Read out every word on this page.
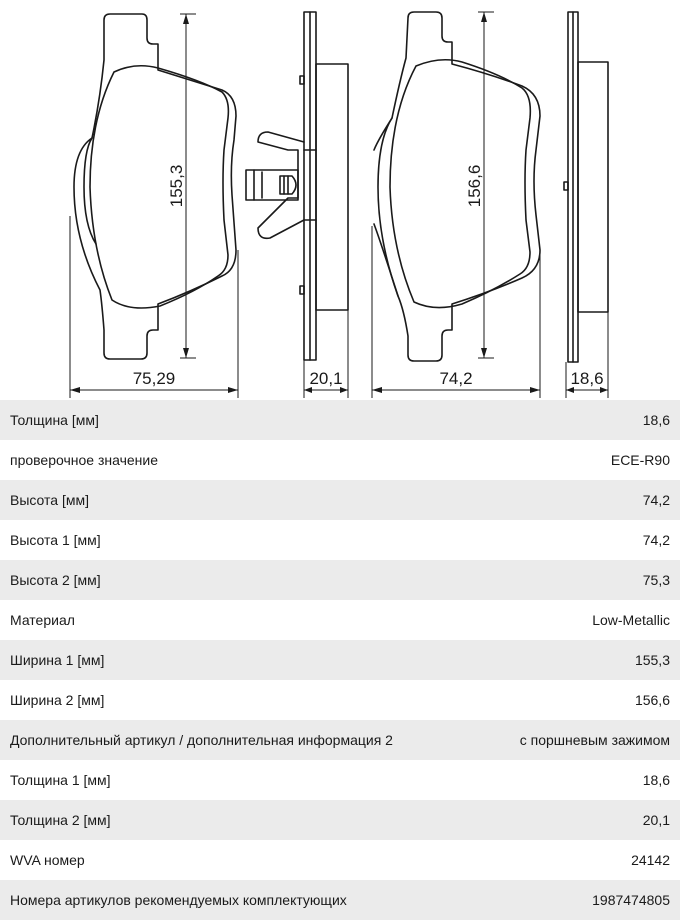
155,3
75,29	20,1
156,6
74,2	18,6
Толщина [мм]	18,6
проверочное значение	ECE-R90
Высота [мм]	74,2
Высота 1 [мм]	74,2
Высота 2 [мм]	75,3
Материал	Low-Metallic
Ширина 1 [мм]	155,3
Ширина 2 [мм]	156,6
Дополнительный артикул / дополнительная информация 2	с поршневым зажимом
Толщина 1 [мм]	18,6
Толщина 2 [мм]	20,1
WVA номер	24142
Номера артикулов рекомендуемых комплектующих	1987474805
